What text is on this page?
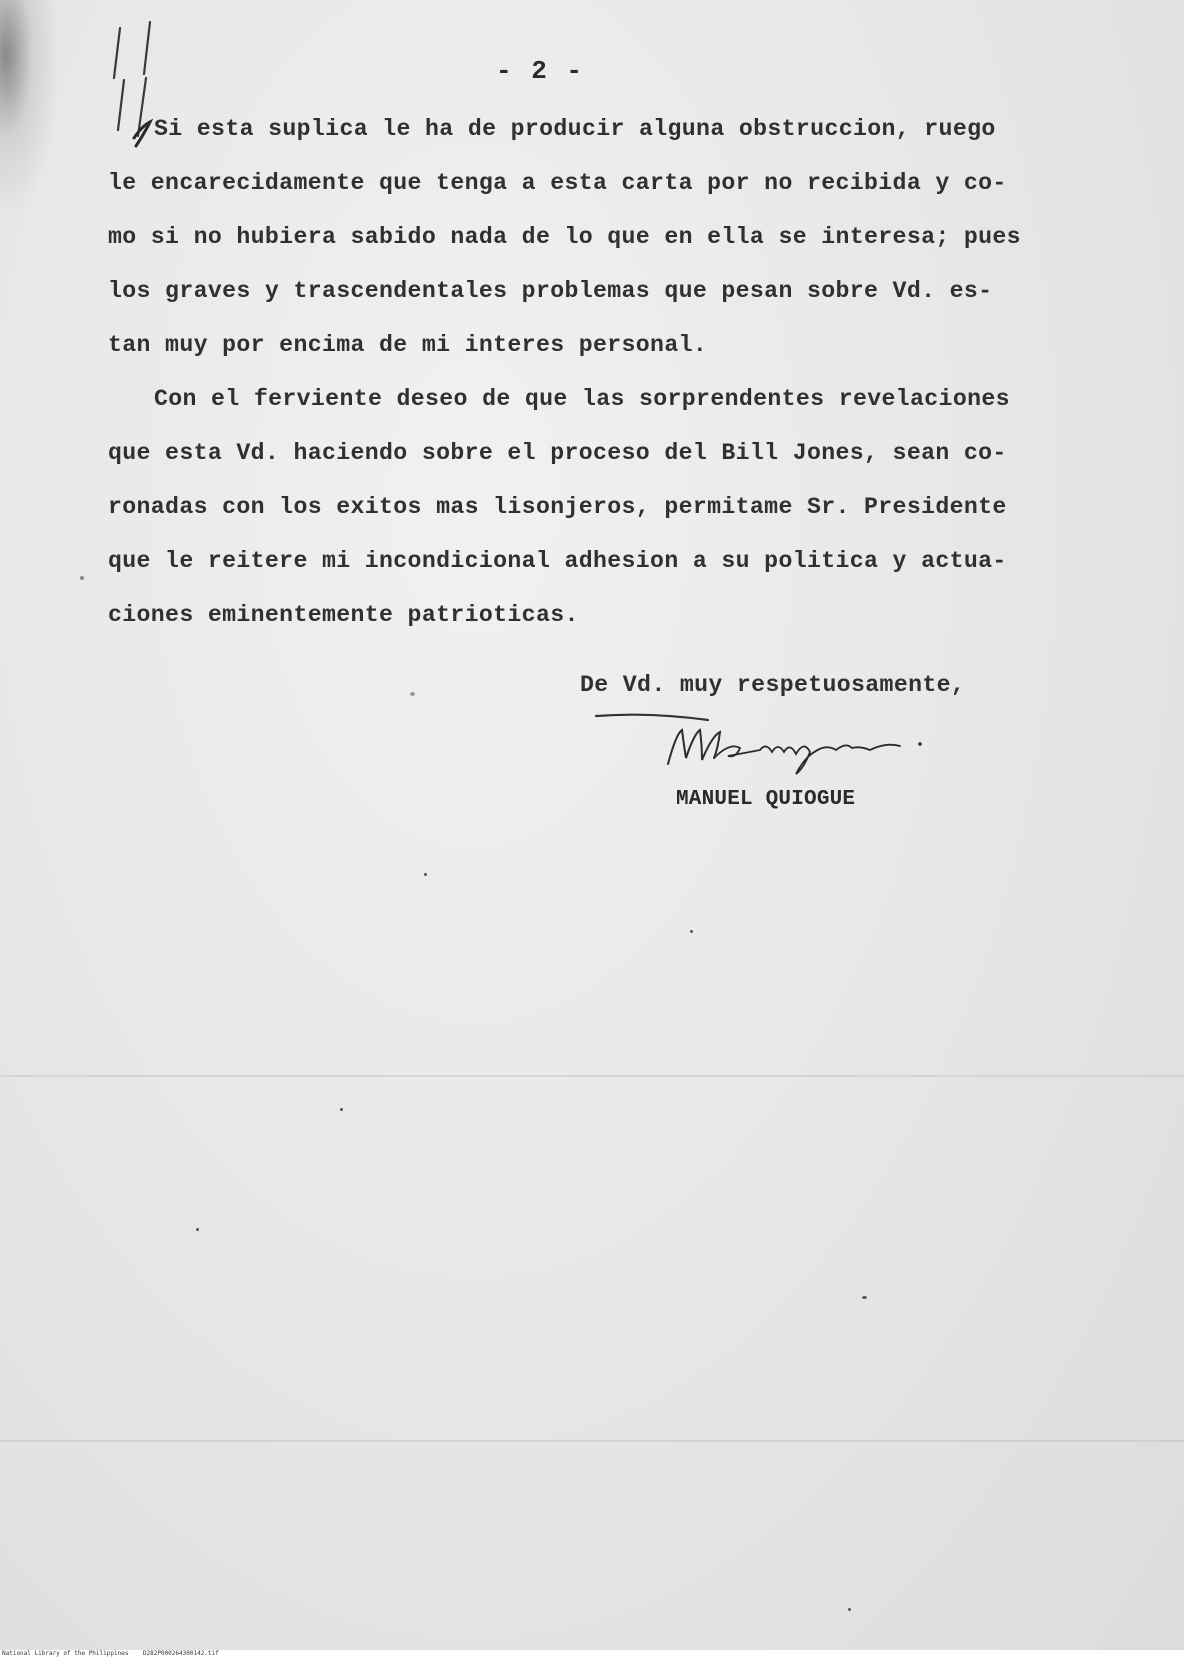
- 2 -
Si esta suplica le ha de producir alguna obstruccion, ruego
le encarecidamente que tenga a esta carta por no recibida y co-
mo si no hubiera sabido nada de lo que en ella se interesa; pues
los graves y trascendentales problemas que pesan sobre Vd. es-
tan muy por encima de mi interes personal.
Con el ferviente deseo de que las sorprendentes revelaciones
que esta Vd. haciendo sobre el proceso del Bill Jones, sean co-
ronadas con los exitos mas lisonjeros, permitame Sr. Presidente
que le reitere mi incondicional adhesion a su politica y actua-
ciones eminentemente patrioticas.
De Vd. muy respetuosamente,
MANUEL QUIOGUE
National Library of the Philippines D282P000264300142.tif
